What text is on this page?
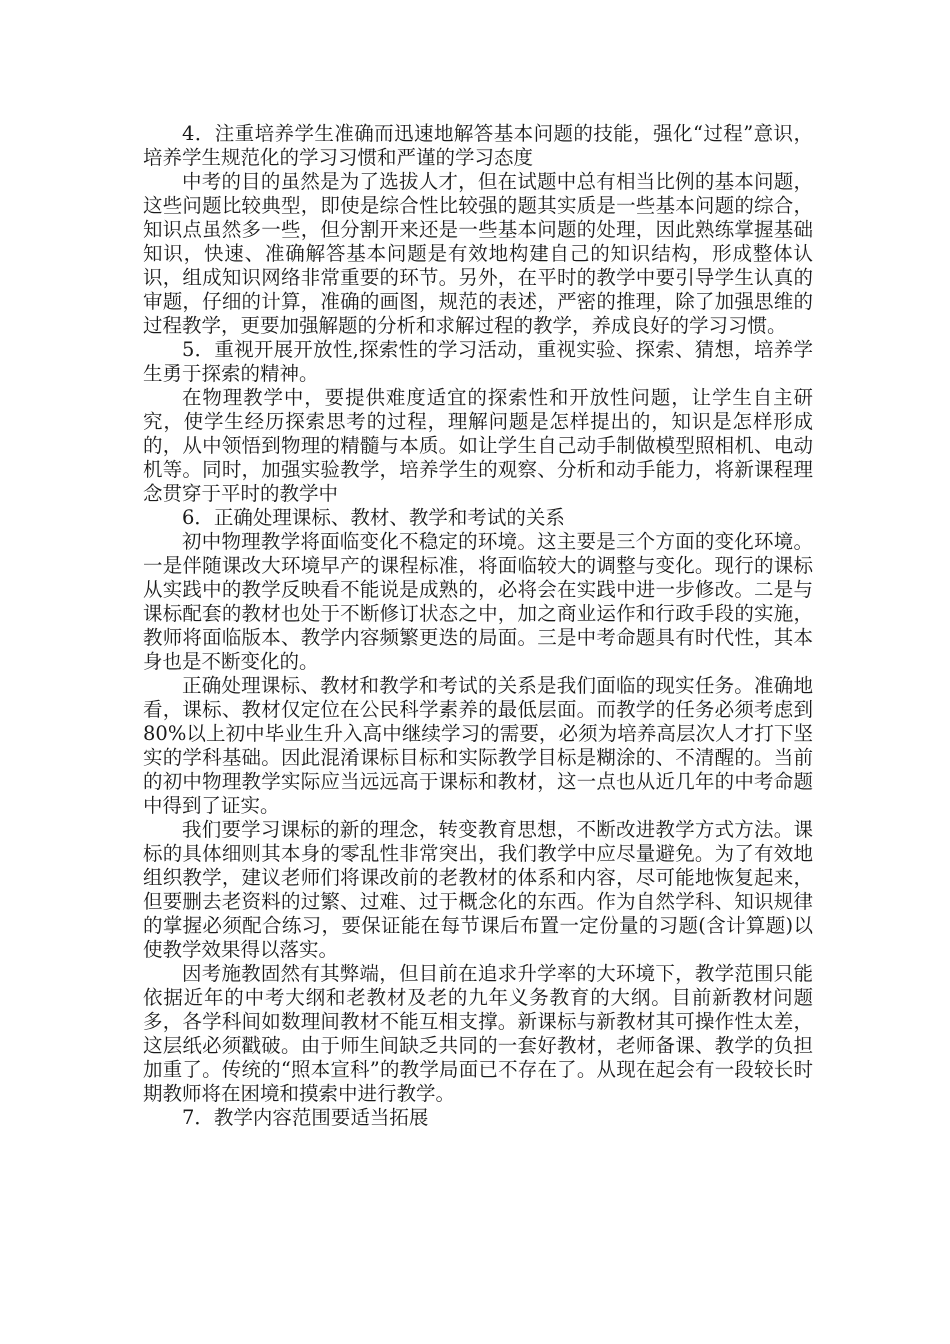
4．注重培养学生准确而迅速地解答基本问题的技能，强化“过程”意识，培养学生规范化的学习习惯和严谨的学习态度

中考的目的虽然是为了选拔人才，但在试题中总有相当比例的基本问题，这些问题比较典型，即使是综合性比较强的题其实质是一些基本问题的综合，知识点虽然多一些，但分割开来还是一些基本问题的处理，因此熟练掌握基础知识，快速、准确解答基本问题是有效地构建自己的知识结构，形成整体认识，组成知识网络非常重要的环节。另外，在平时的教学中要引导学生认真的审题，仔细的计算，准确的画图，规范的表述，严密的推理，除了加强思维的过程教学，更要加强解题的分析和求解过程的教学，养成良好的学习习惯。

5．重视开展开放性,探索性的学习活动，重视实验、探索、猜想，培养学生勇于探索的精神。

在物理教学中，要提供难度适宜的探索性和开放性问题，让学生自主研究，使学生经历探索思考的过程，理解问题是怎样提出的，知识是怎样形成的，从中领悟到物理的精髓与本质。如让学生自己动手制做模型照相机、电动机等。同时，加强实验教学，培养学生的观察、分析和动手能力，将新课程理念贯穿于平时的教学中

6．正确处理课标、教材、教学和考试的关系

初中物理教学将面临变化不稳定的环境。这主要是三个方面的变化环境。一是伴随课改大环境早产的课程标准，将面临较大的调整与变化。现行的课标从实践中的教学反映看不能说是成熟的，必将会在实践中进一步修改。二是与课标配套的教材也处于不断修订状态之中，加之商业运作和行政手段的实施，教师将面临版本、教学内容频繁更迭的局面。三是中考命题具有时代性，其本身也是不断变化的。

正确处理课标、教材和教学和考试的关系是我们面临的现实任务。准确地看，课标、教材仅定位在公民科学素养的最低层面。而教学的任务必须考虑到80%以上初中毕业生升入高中继续学习的需要，必须为培养高层次人才打下坚实的学科基础。因此混淆课标目标和实际教学目标是糊涂的、不清醒的。当前的初中物理教学实际应当远远高于课标和教材，这一点也从近几年的中考命题中得到了证实。

我们要学习课标的新的理念，转变教育思想，不断改进教学方式方法。课标的具体细则其本身的零乱性非常突出，我们教学中应尽量避免。为了有效地组织教学，建议老师们将课改前的老教材的体系和内容，尽可能地恢复起来，但要删去老资料的过繁、过难、过于概念化的东西。作为自然学科、知识规律的掌握必须配合练习，要保证能在每节课后布置一定份量的习题(含计算题)以使教学效果得以落实。

因考施教固然有其弊端，但目前在追求升学率的大环境下，教学范围只能依据近年的中考大纲和老教材及老的九年义务教育的大纲。目前新教材问题多，各学科间如数理间教材不能互相支撑。新课标与新教材其可操作性太差，这层纸必须戳破。由于师生间缺乏共同的一套好教材，老师备课、教学的负担加重了。传统的“照本宣科”的教学局面已不存在了。从现在起会有一段较长时期教师将在困境和摸索中进行教学。

7．教学内容范围要适当拓展
